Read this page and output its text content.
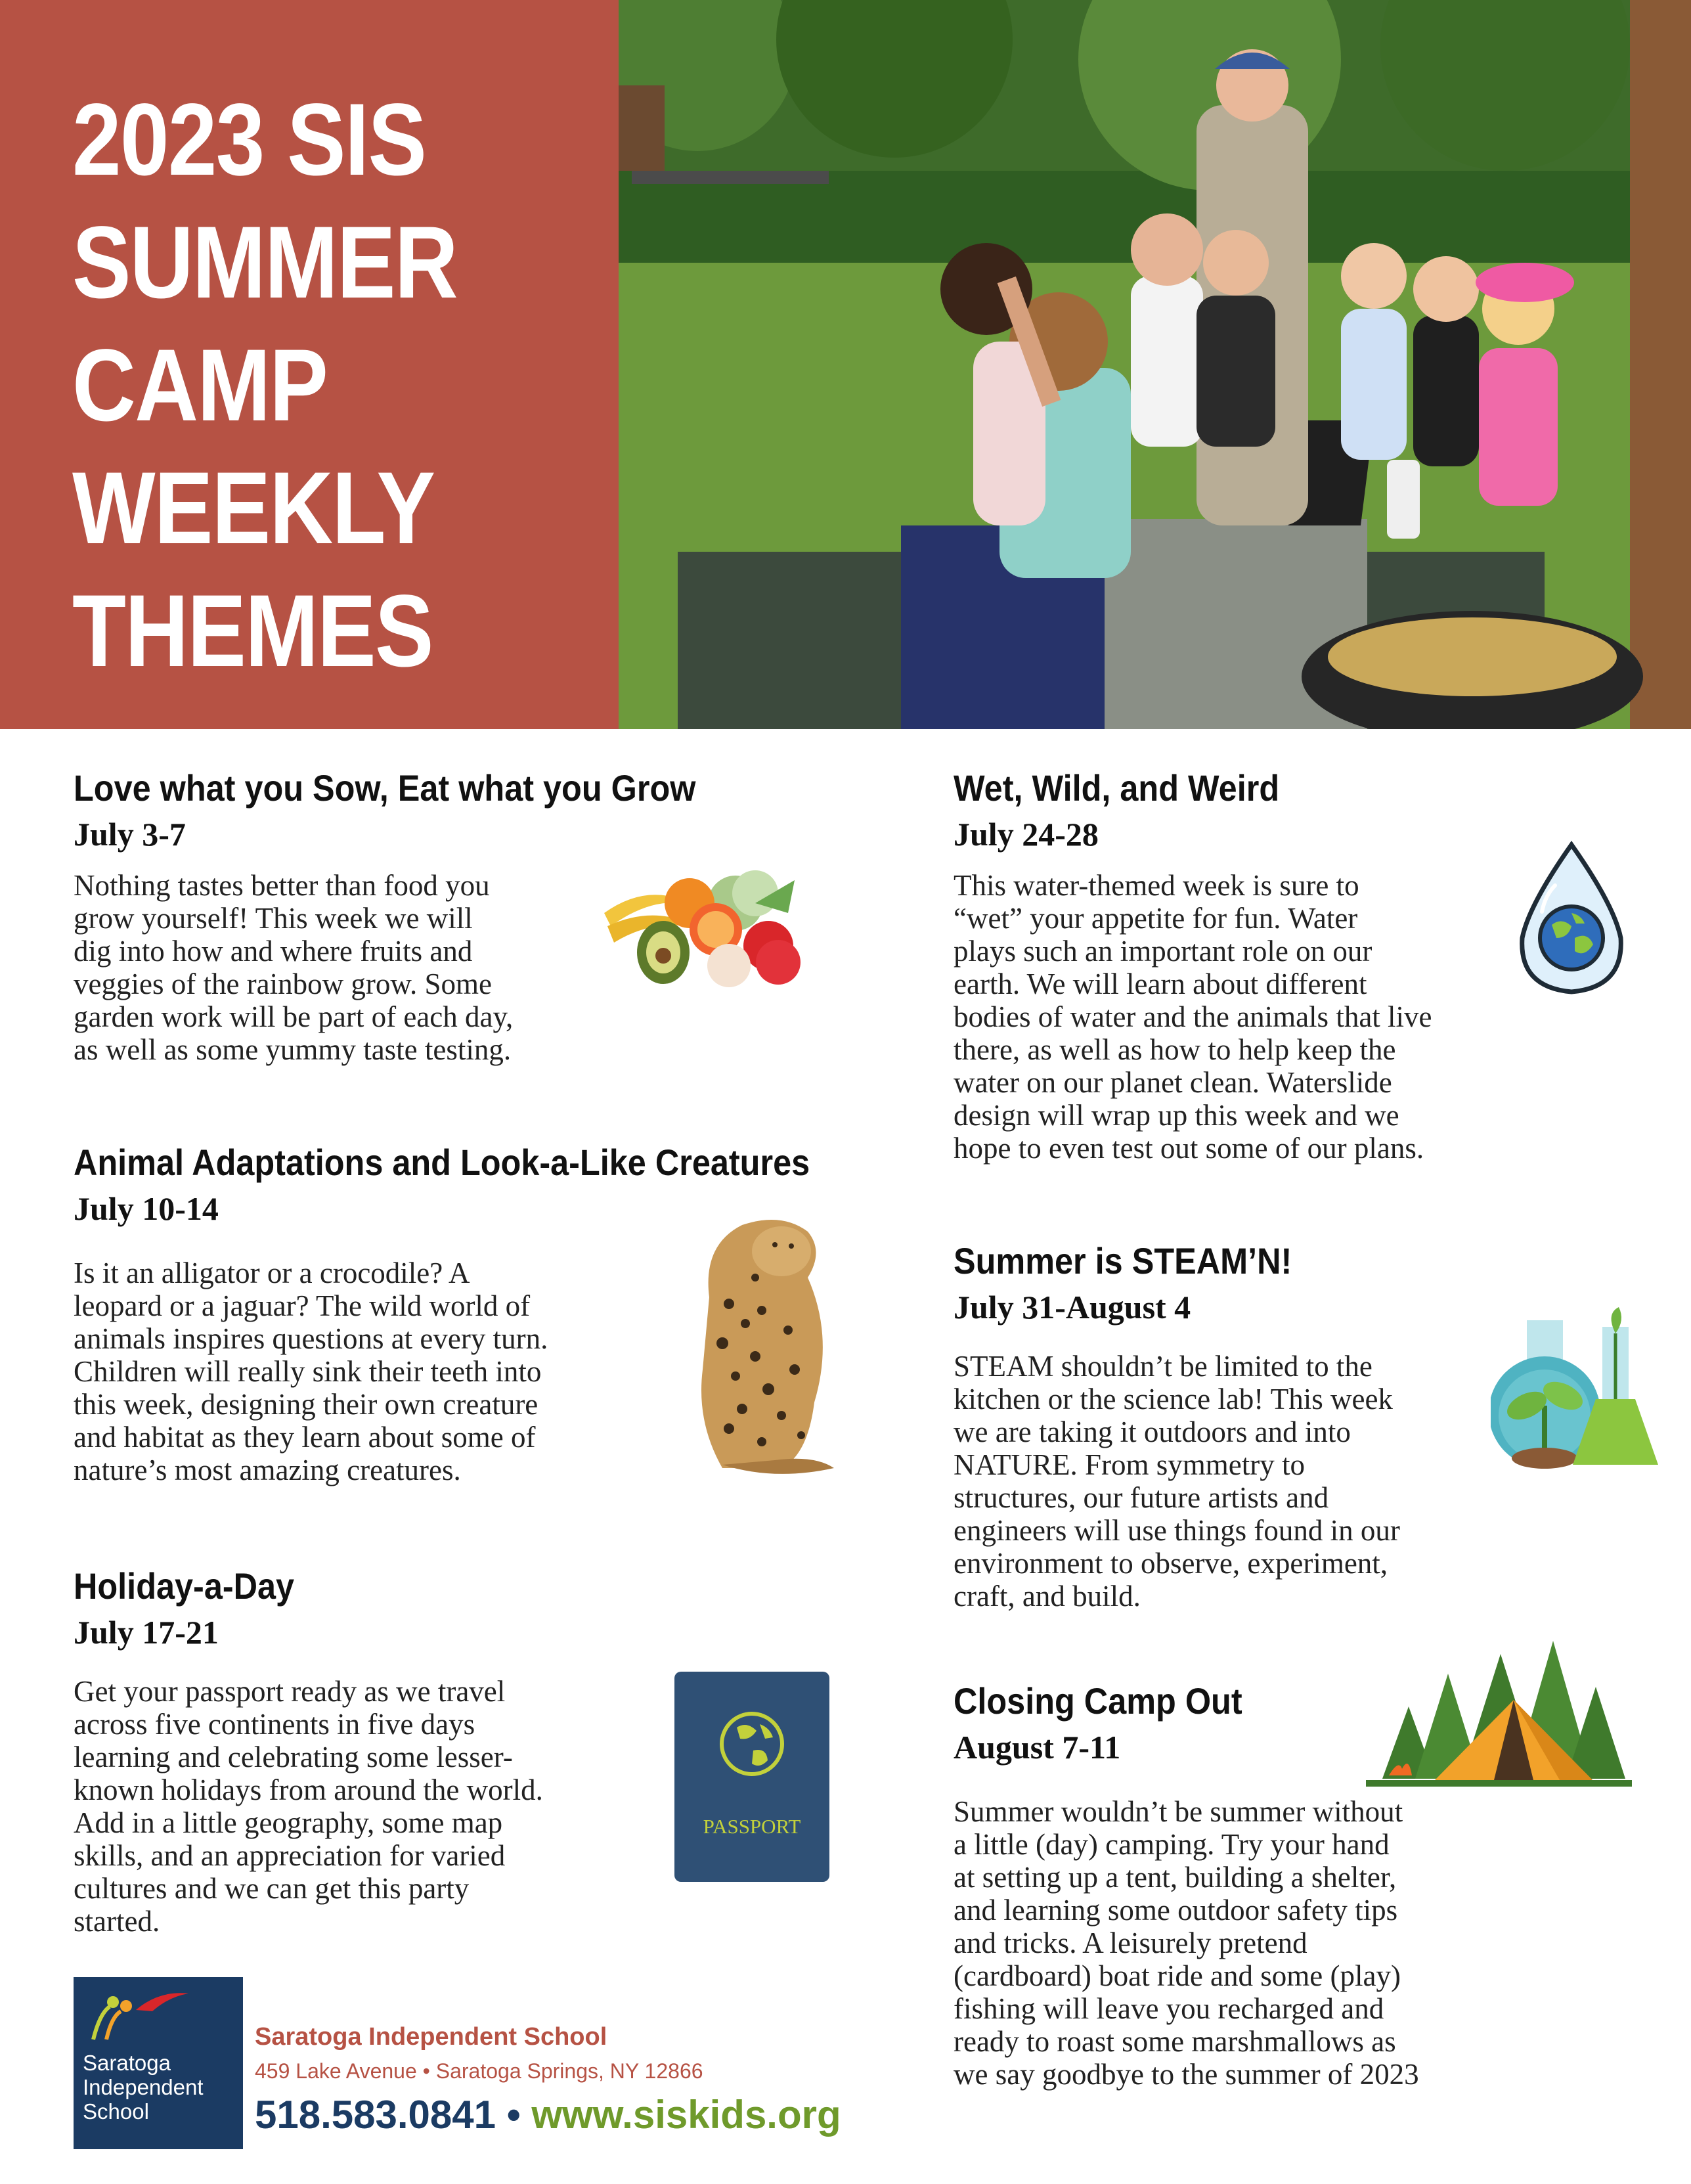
2023 SIS
SUMMER
CAMP
WEEKLY
THEMES
Love what you Sow, Eat what you Grow
July 3-7
Nothing tastes better than food you
grow yourself! This week we will
dig into how and where fruits and
veggies of the rainbow grow. Some
garden work will be part of each day,
as well as some yummy taste testing.
Animal Adaptations and Look-a-Like Creatures
July 10-14
Is it an alligator or a crocodile? A
leopard or a jaguar? The wild world of
animals inspires questions at every turn.
Children will really sink their teeth into
this week, designing their own creature
and habitat as they learn about some of
nature’s most amazing creatures.
Holiday-a-Day
July 17-21
Get your passport ready as we travel
across five continents in five days
learning and celebrating some lesser-
known holidays from around the world.
Add in a little geography, some map
skills, and an appreciation for varied
cultures and we can get this party
started.
PASSPORT
Wet, Wild, and Weird
July 24-28
This water-themed week is sure to
“wet” your appetite for fun. Water
plays such an important role on our
earth. We will learn about different
bodies of water and the animals that live
there, as well as how to help keep the
water on our planet clean. Waterslide
design will wrap up this week and we
hope to even test out some of our plans.
Summer is STEAM’N!
July 31-August 4
STEAM shouldn’t be limited to the
kitchen or the science lab! This week
we are taking it outdoors and into
NATURE. From symmetry to
structures, our future artists and
engineers will use things found in our
environment to observe, experiment,
craft, and build.
Closing Camp Out
August 7-11
Summer wouldn’t be summer without
a little (day) camping. Try your hand
at setting up a tent, building a shelter,
and learning some outdoor safety tips
and tricks. A leisurely pretend
(cardboard) boat ride and some (play)
fishing will leave you recharged and
ready to roast some marshmallows as
we say goodbye to the summer of 2023
Saratoga
Independent
School
Saratoga Independent School
459 Lake Avenue • Saratoga Springs, NY 12866
518.583.0841 • www.siskids.org
